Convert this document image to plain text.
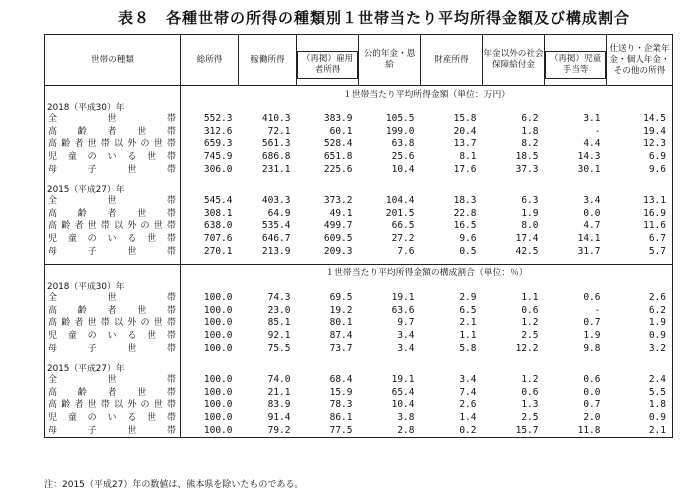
表８　各種世帯の所得の種類別１世帯当たり平均所得金額及び構成割合
世帯の種類	総所得	稼働所得	（再掲）雇用者所得	公的年金・恩　　給	財産所得	年金以外の社会保障給付金	（再掲）児童手当等	仕送り・企業年金・個人年金・その他の所得
	１世帯当たり平均所得金額（単位：万円）							
2018（平成30）年								

全世帯	552.3	410.3	383.9	105.5	15.8	6.2	3.1	14.5

高齢者世帯	312.6	72.1	60.1	199.0	20.4	1.8	-	19.4

高齢者世帯以外の世帯	659.3	561.3	528.4	63.8	13.7	8.2	4.4	12.3

児童のいる世帯	745.9	686.8	651.8	25.6	8.1	18.5	14.3	6.9

母子世帯	306.0	231.1	225.6	10.4	17.6	37.3	30.1	9.6

2015（平成27）年								

全世帯	545.4	403.3	373.2	104.4	18.3	6.3	3.4	13.1

高齢者世帯	308.1	64.9	49.1	201.5	22.8	1.9	0.0	16.9

高齢者世帯以外の世帯	638.0	535.4	499.7	66.5	16.5	8.0	4.7	11.6

児童のいる世帯	707.6	646.7	609.5	27.2	9.6	17.4	14.1	6.7

母子世帯	270.1	213.9	209.3	7.6	0.5	42.5	31.7	5.7

	１世帯当たり平均所得金額の構成割合（単位：％）							
2018（平成30）年								

全世帯	100.0	74.3	69.5	19.1	2.9	1.1	0.6	2.6

高齢者世帯	100.0	23.0	19.2	63.6	6.5	0.6	-	6.2

高齢者世帯以外の世帯	100.0	85.1	80.1	9.7	2.1	1.2	0.7	1.9

児童のいる世帯	100.0	92.1	87.4	3.4	1.1	2.5	1.9	0.9

母子世帯	100.0	75.5	73.7	3.4	5.8	12.2	9.8	3.2

2015（平成27）年								

全世帯	100.0	74.0	68.4	19.1	3.4	1.2	0.6	2.4

高齢者世帯	100.0	21.1	15.9	65.4	7.4	0.6	0.0	5.5

高齢者世帯以外の世帯	100.0	83.9	78.3	10.4	2.6	1.3	0.7	1.8

児童のいる世帯	100.0	91.4	86.1	3.8	1.4	2.5	2.0	0.9

母子世帯	100.0	79.2	77.5	2.8	0.2	15.7	11.8	2.1
注：2015（平成27）年の数値は、熊本県を除いたものである。
